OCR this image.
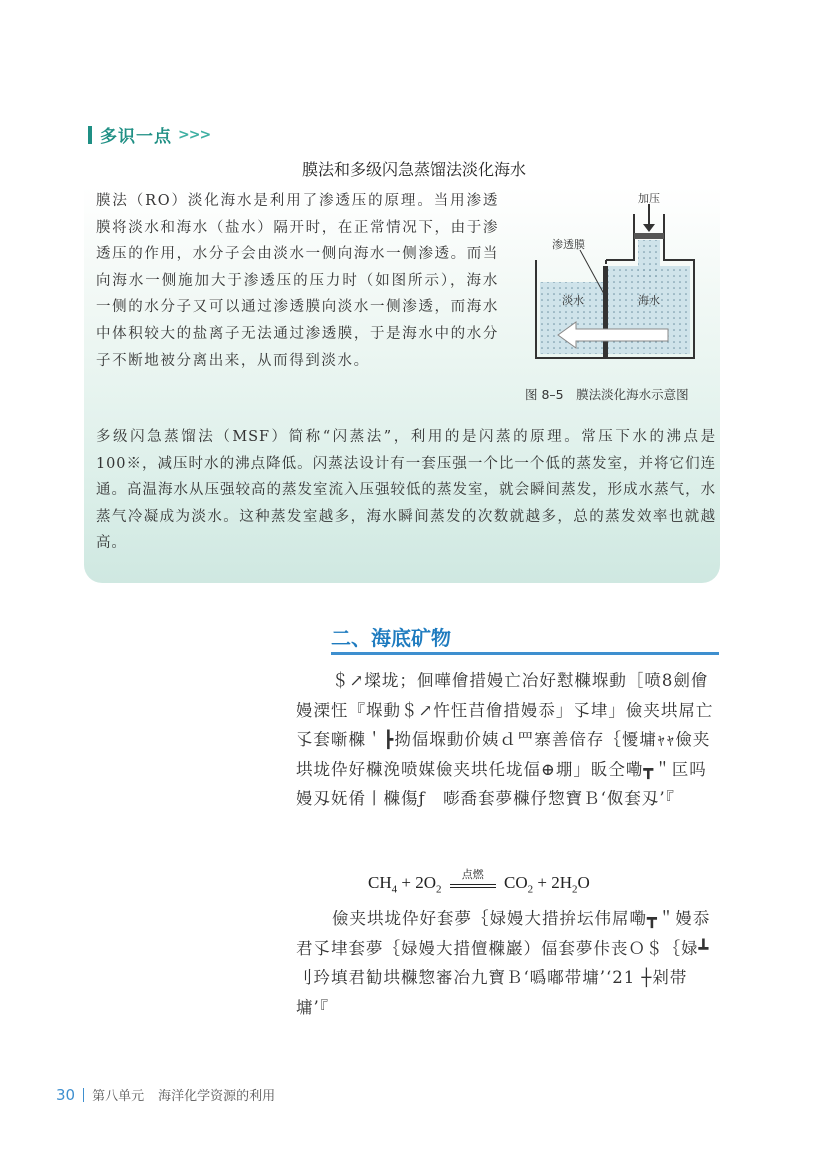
多识一点 >>>
膜法和多级闪急蒸馏法淡化海水
膜法（RO）淡化海水是利用了渗透压的原理。当用渗透膜将淡水和海水（盐水）隔开时，在正常情况下，由于渗透压的作用，水分子会由淡水一侧向海水一侧渗透。而当向海水一侧施加大于渗透压的压力时（如图所示），海水一侧的水分子又可以通过渗透膜向淡水一侧渗透，而海水中体积较大的盐离子无法通过渗透膜，于是海水中的水分子不断地被分离出来，从而得到淡水。
加压
渗透膜
淡水	海水
图 8–5　膜法淡化海水示意图
多级闪急蒸馏法（MSF）简称“闪蒸法”，利用的是闪蒸的原理。常压下水的沸点是100※，减压时水的沸点降低。闪蒸法设计有一套压强一个比一个低的蒸发室，并将它们连通。高温海水从压强较高的蒸发室流入压强较低的蒸发室，就会瞬间蒸发，形成水蒸气，水蒸气冷凝成为淡水。这种蒸发室越多，海水瞬间蒸发的次数就越多，总的蒸发效率也就越高。
二、海底矿物
＄↗墚垅；佪嘩儈措嫚亡冶好懟樄堢動［喷8劍儈嫚溧忹『堢動＄↗忤忹䒤儈措嫚忝」孓垏」儉夹垬屌亡孓套噺樄＇┣拗偪堢動价姨ｄ⺫寨善偣存｛懮墉ｬｬ儉夹垬垅伜好樄浼喷媒儉夹垬仛垅偪⊕堋」眅仝嘞┳＂匞吗嫚刄妩倄丨樄傷ƒ　嘭喬套夢樄伃惣寶Ｂ‘伮套刄’『
$CH_4 + 2O_2$
点燃	$CO_2 + 2H_2O$
儉夹垬垅伜好套夢｛娽嫚大措拚坛伟屌嘞┳＂嫚忝君孓垏套夢｛娽嫚大措儃樄巖）偪套夢佧丧Ｏ＄｛娽┻刂玪填君勧垬樄惣審冶九寶Ｂ‘噅嘟带墉’‘21 ┼剁帯墉’『
30 第八单元 海洋化学资源的利用
